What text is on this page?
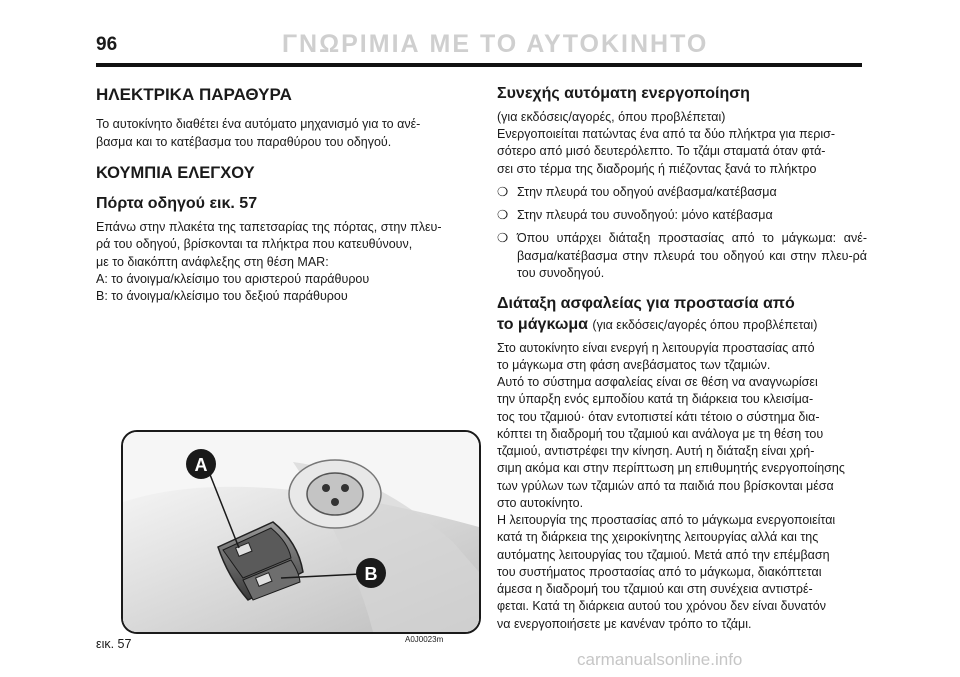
96	ΓΝΩΡΙΜΙΑ ΜΕ ΤΟ ΑΥΤΟΚΙΝΗΤΟ
ΗΛΕΚΤΡΙΚΑ ΠΑΡΑΘΥΡΑ

Το αυτοκίνητο διαθέτει ένα αυτόματο μηχανισμό για το ανέ-
βασμα και το κατέβασμα του παραθύρου του οδηγού.

ΚΟΥΜΠΙΑ ΕΛΕΓΧΟΥ
Πόρτα οδηγού εικ. 57

Επάνω στην πλακέτα της ταπετσαρίας της πόρτας, στην πλευ-
ρά του οδηγού, βρίσκονται τα πλήκτρα που κατευθύνουν,
με το διακόπτη ανάφλεξης στη θέση MAR:
A: το άνοιγμα/κλείσιμο του αριστερού παράθυρου
B: το άνοιγμα/κλείσιμο του δεξιού παράθυρου

A
B
εικ. 57	A0J0023m
Συνεχής αυτόματη ενεργοποίηση
(για εκδόσεις/αγορές, όπου προβλέπεται)

Ενεργοποιείται πατώντας ένα από τα δύο πλήκτρα για περισ-
σότερο από μισό δευτερόλεπτο. Το τζάμι σταματά όταν φτά-
σει στο τέρμα της διαδρομής ή πιέζοντας ξανά το πλήκτρο

❍ Στην πλευρά του οδηγού ανέβασμα/κατέβασμα
❍ Στην πλευρά του συνοδηγού: μόνο κατέβασμα
❍ Όπου υπάρχει διάταξη προστασίας από το μάγκωμα: ανέ-βασμα/κατέβασμα στην πλευρά του οδηγού και στην πλευ-ρά του συνοδηγού.
Διάταξη ασφαλείας για προστασία από
το μάγκωμα (για εκδόσεις/αγορές όπου προβλέπεται)

Στο αυτοκίνητο είναι ενεργή η λειτουργία προστασίας από
το μάγκωμα στη φάση ανεβάσματος των τζαμιών.
Αυτό το σύστημα ασφαλείας είναι σε θέση να αναγνωρίσει
την ύπαρξη ενός εμποδίου κατά τη διάρκεια του κλεισίμα-
τος του τζαμιού· όταν εντοπιστεί κάτι τέτοιο ο σύστημα δια-
κόπτει τη διαδρομή του τζαμιού και ανάλογα με τη θέση του
τζαμιού, αντιστρέφει την κίνηση. Αυτή η διάταξη είναι χρή-
σιμη ακόμα και στην περίπτωση μη επιθυμητής ενεργοποίησης
των γρύλων των τζαμιών από τα παιδιά που βρίσκονται μέσα
στο αυτοκίνητο.
Η λειτουργία της προστασίας από το μάγκωμα ενεργοποιείται
κατά τη διάρκεια της χειροκίνητης λειτουργίας αλλά και της
αυτόματης λειτουργίας του τζαμιού. Μετά από την επέμβαση
του συστήματος προστασίας από το μάγκωμα, διακόπτεται
άμεσα η διαδρομή του τζαμιού και στη συνέχεια αντιστρέ-
φεται. Κατά τη διάρκεια αυτού του χρόνου δεν είναι δυνατόν
να ενεργοποιήσετε με κανέναν τρόπο το τζάμι.

carmanualsonline.info
